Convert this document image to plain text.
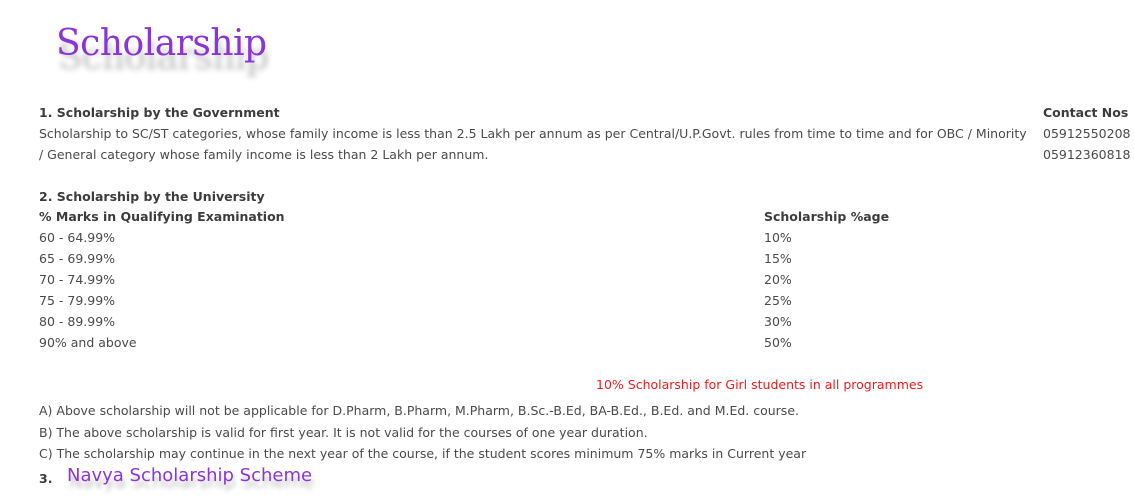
Scholarship
1. Scholarship by the Government
Scholarship to SC/ST categories, whose family income is less than 2.5 Lakh per annum as per Central/U.P.Govt. rules from time to time and for OBC / Minority / General category whose family income is less than 2 Lakh per annum.
Contact Nos
05912550208
05912360818
2. Scholarship by the University
% Marks in Qualifying Examination	Scholarship %age
60 - 64.99%	10%
65 - 69.99%	15%
70 - 74.99%	20%
75 - 79.99%	25%
80 - 89.99%	30%
90% and above	50%
10% Scholarship for Girl students in all programmes
A) Above scholarship will not be applicable for D.Pharm, B.Pharm, M.Pharm, B.Sc.-B.Ed, BA-B.Ed., B.Ed. and M.Ed. course.
B) The above scholarship is valid for first year. It is not valid for the courses of one year duration.
C) The scholarship may continue in the next year of the course, if the student scores minimum 75% marks in Current year
3. Navya Scholarship Scheme
